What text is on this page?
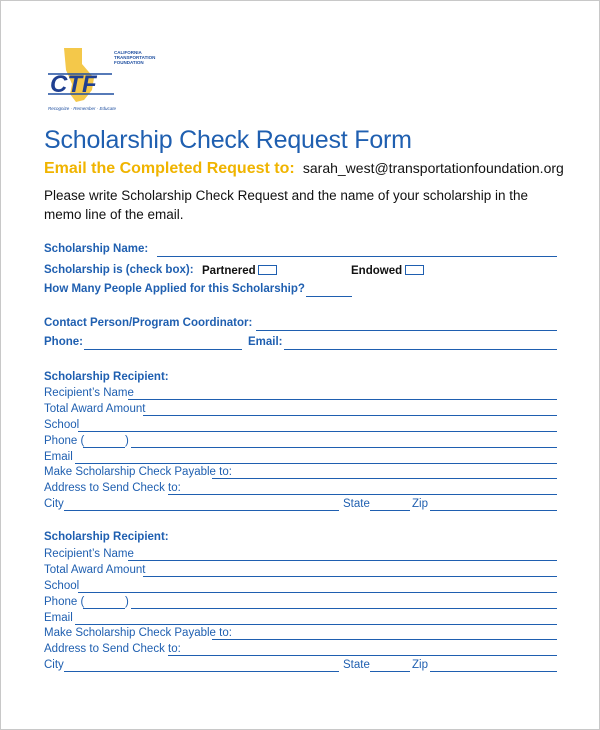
CTF
CALIFORNIA
TRANSPORTATION
FOUNDATION
Recognize · Remember · Educate
Scholarship Check Request Form
Email the Completed Request to: sarah_west@transportationfoundation.org
Please write Scholarship Check Request and the name of your scholarship in the memo line of the email.
Scholarship Name:
Scholarship is (check box): Partnered	Endowed
How Many People Applied for this Scholarship?
Contact Person/Program Coordinator:
Phone:	Email:
Scholarship Recipient:
Recipient’s Name
Total Award Amount
School
Phone (	)
Email
Make Scholarship Check Payable to:
Address to Send Check to:
City	State	Zip
Scholarship Recipient:
Recipient’s Name
Total Award Amount
School
Phone (	)
Email
Make Scholarship Check Payable to:
Address to Send Check to:
City	State	Zip
